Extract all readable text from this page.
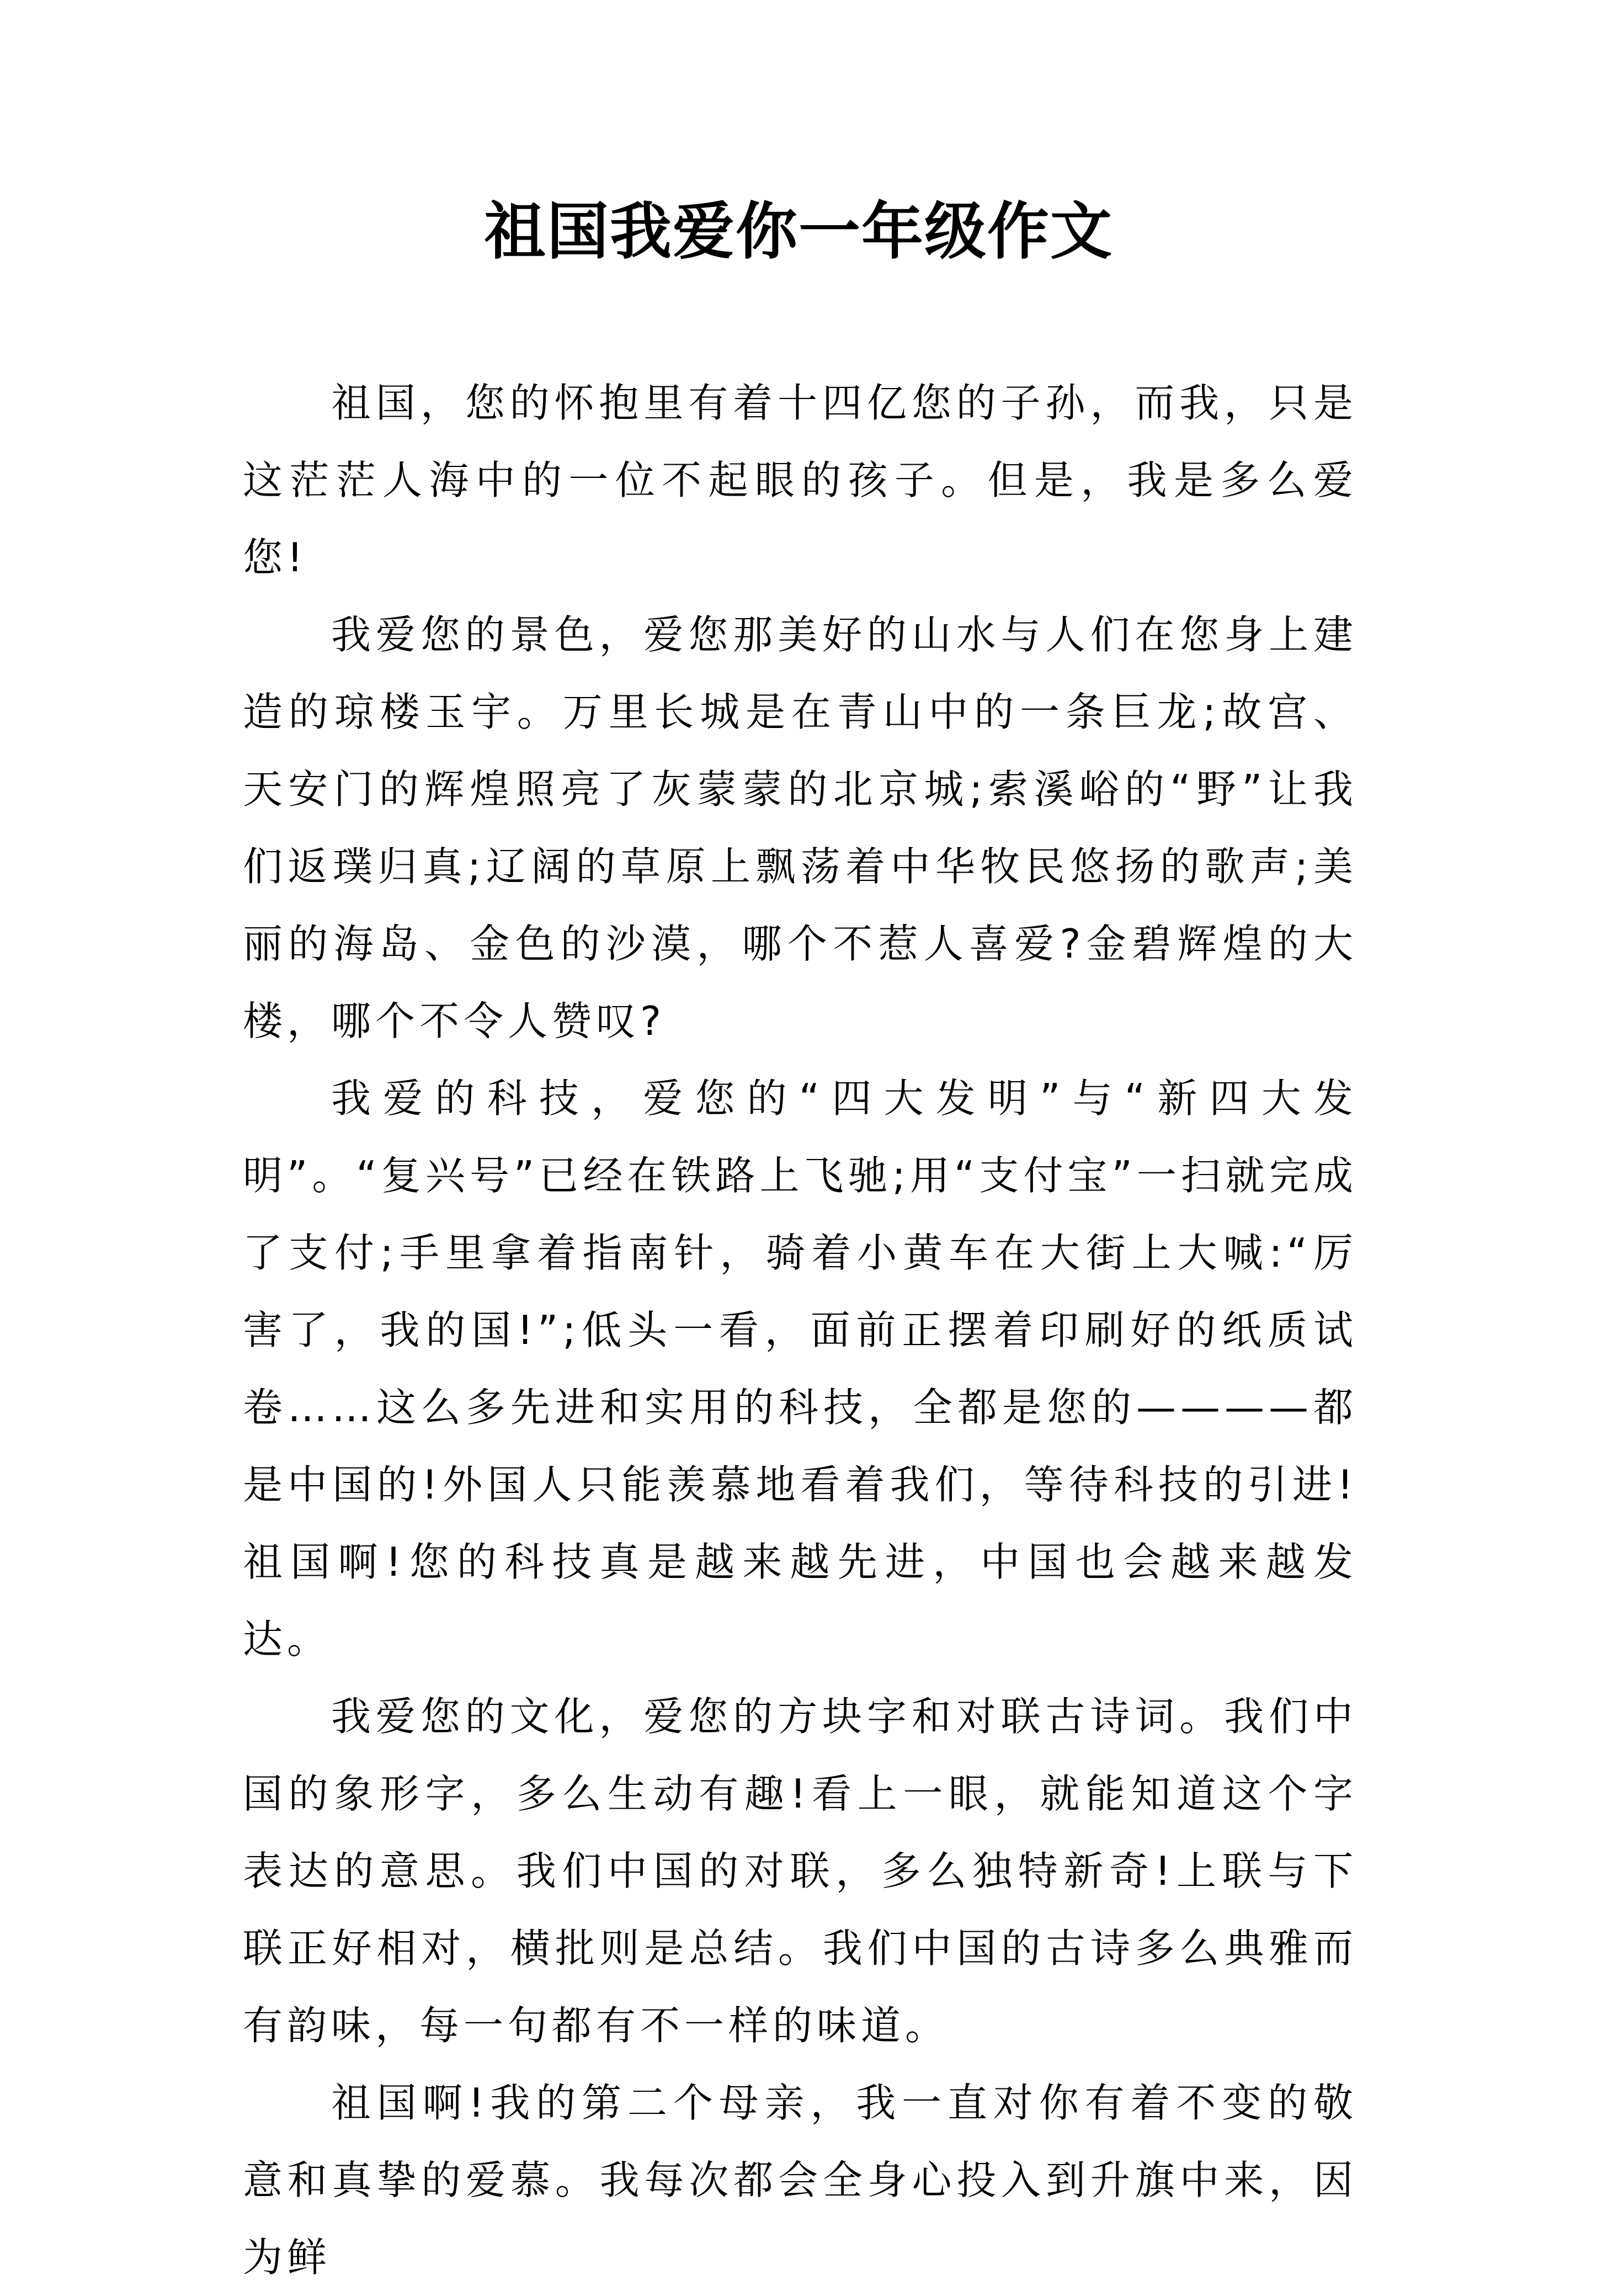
祖国我爱你一年级作文

祖国，您的怀抱里有着十四亿您的子孙，而我，只是这茫茫人海中的一位不起眼的孩子。但是，我是多么爱您!

我爱您的景色，爱您那美好的山水与人们在您身上建造的琼楼玉宇。万里长城是在青山中的一条巨龙;故宫、天安门的辉煌照亮了灰蒙蒙的北京城;索溪峪的“野”让我们返璞归真;辽阔的草原上飘荡着中华牧民悠扬的歌声;美丽的海岛、金色的沙漠，哪个不惹人喜爱?金碧辉煌的大楼，哪个不令人赞叹?

我爱的科技，爱您的“四大发明”与“新四大发明”。“复兴号”已经在铁路上飞驰;用“支付宝”一扫就完成了支付;手里拿着指南针，骑着小黄车在大街上大喊:“厉害了，我的国!”;低头一看，面前正摆着印刷好的纸质试卷……这么多先进和实用的科技，全都是您的————都是中国的!外国人只能羡慕地看着我们，等待科技的引进!祖国啊!您的科技真是越来越先进，中国也会越来越发达。

我爱您的文化，爱您的方块字和对联古诗词。我们中国的象形字，多么生动有趣!看上一眼，就能知道这个字表达的意思。我们中国的对联，多么独特新奇!上联与下联正好相对，横批则是总结。我们中国的古诗多么典雅而有韵味，每一句都有不一样的味道。

祖国啊!我的第二个母亲，我一直对你有着不变的敬意和真挚的爱慕。我每次都会全身心投入到升旗中来，因为鲜
